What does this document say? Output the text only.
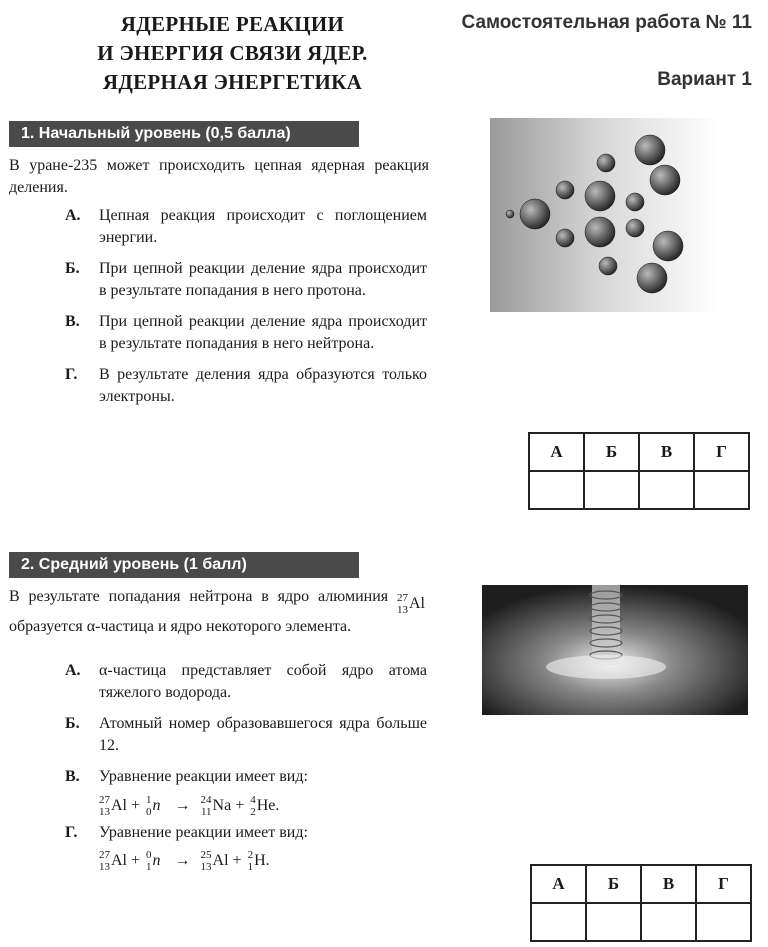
ЯДЕРНЫЕ РЕАКЦИИ
И ЭНЕРГИЯ СВЯЗИ ЯДЕР.
ЯДЕРНАЯ ЭНЕРГЕТИКА
Самостоятельная работа № 11
Вариант 1
1. Начальный уровень (0,5 балла)
В уране-235 может происходить цепная ядерная реакция деления.
А.	Цепная реакция происходит с поглощением энергии.
Б.	При цепной реакции деление ядра происходит в результате попадания в него протона.
В.	При цепной реакции деление ядра происходит в результате попадания в него нейтрона.
Г.	В результате деления ядра образуются только электроны.
А	Б	В	Г

2. Средний уровень (1 балл)
В результате попадания нейтрона в ядро алюминия 27
13 Al
образуется α-частица и ядро некоторого элемента.
А.	α-частица представляет собой ядро атома тяжелого водорода.
Б.	Атомный номер образовавшегося ядра больше 12.
В.	Уравнение реакции имеет вид:

27
13 Al + 1
0 n → 24
11 Na + 4
2 He.
Г.	Уравнение реакции имеет вид:

27
13 Al + 0
1 n → 25
13 Al + 2
1 H.
А	Б	В	Г
